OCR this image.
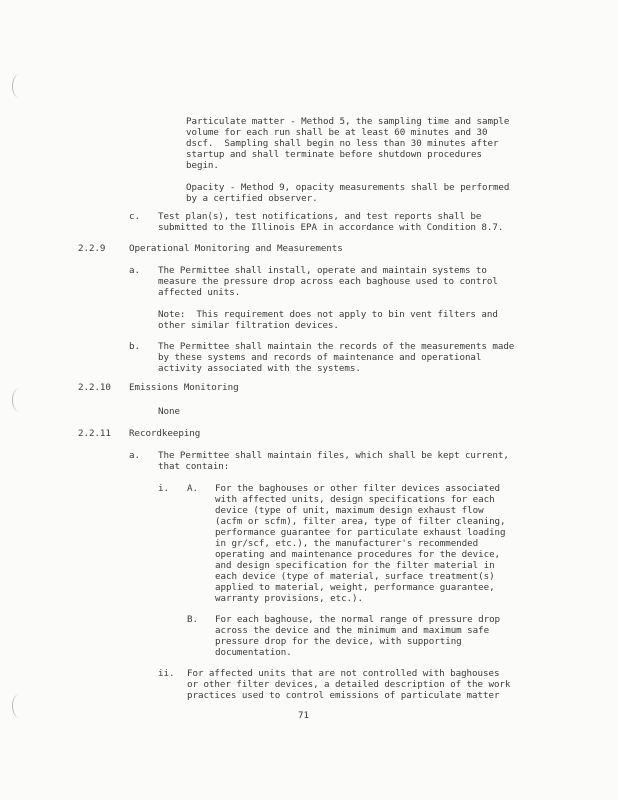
Particulate matter - Method 5, the sampling time and sample
volume for each run shall be at least 60 minutes and 30
dscf.  Sampling shall begin no less than 30 minutes after
startup and shall terminate before shutdown procedures
begin.
Opacity - Method 9, opacity measurements shall be performed
by a certified observer.
c. Test plan(s), test notifications, and test reports shall be
submitted to the Illinois EPA in accordance with Condition 8.7.
2.2.9	Operational Monitoring and Measurements
a. The Permittee shall install, operate and maintain systems to
measure the pressure drop across each baghouse used to control
affected units.
Note:  This requirement does not apply to bin vent filters and
other similar filtration devices.
b. The Permittee shall maintain the records of the measurements made
by these systems and records of maintenance and operational
activity associated with the systems.
2.2.10 Emissions Monitoring
None
2.2.11 Recordkeeping
a. The Permittee shall maintain files, which shall be kept current,
that contain:
i. A. For the baghouses or other filter devices associated
with affected units, design specifications for each
device (type of unit, maximum design exhaust flow
(acfm or scfm), filter area, type of filter cleaning,
performance guarantee for particulate exhaust loading
in gr/scf, etc.), the manufacturer's recommended
operating and maintenance procedures for the device,
and design specification for the filter material in
each device (type of material, surface treatment(s)
applied to material, weight, performance guarantee,
warranty provisions, etc.).
B. For each baghouse, the normal range of pressure drop
across the device and the minimum and maximum safe
pressure drop for the device, with supporting
documentation.
ii. For affected units that are not controlled with baghouses
or other filter devices, a detailed description of the work
practices used to control emissions of particulate matter
71
